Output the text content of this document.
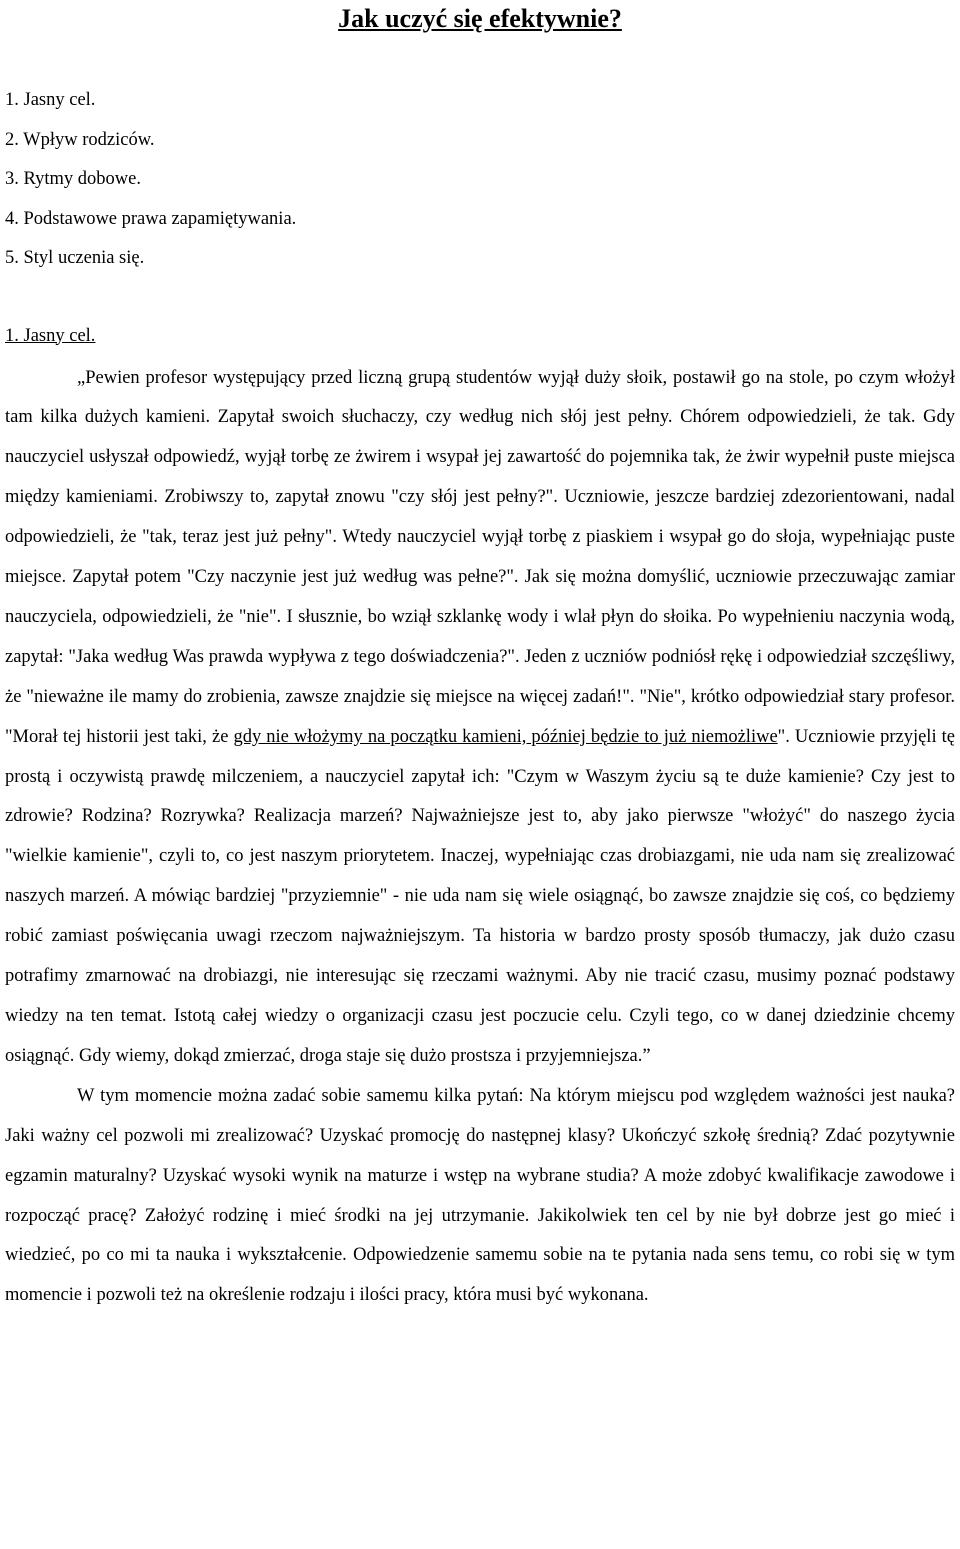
Jak uczyć się efektywnie?
1. Jasny cel.
2. Wpływ rodziców.
3. Rytmy dobowe.
4. Podstawowe prawa zapamiętywania.
5. Styl uczenia się.
1. Jasny cel.

„Pewien profesor występujący przed liczną grupą studentów wyjął duży słoik, postawił go na stole, po czym włożył tam kilka dużych kamieni. Zapytał swoich słuchaczy, czy według nich słój jest pełny. Chórem odpowiedzieli, że tak. Gdy nauczyciel usłyszał odpowiedź, wyjął torbę ze żwirem i wsypał jej zawartość do pojemnika tak, że żwir wypełnił puste miejsca między kamieniami. Zrobiwszy to, zapytał znowu "czy słój jest pełny?". Uczniowie, jeszcze bardziej zdezorientowani, nadal odpowiedzieli, że "tak, teraz jest już pełny". Wtedy nauczyciel wyjął torbę z piaskiem i wsypał go do słoja, wypełniając puste miejsce. Zapytał potem "Czy naczynie jest już według was pełne?". Jak się można domyślić, uczniowie przeczuwając zamiar nauczyciela, odpowiedzieli, że "nie". I słusznie, bo wziął szklankę wody i wlał płyn do słoika. Po wypełnieniu naczynia wodą, zapytał: "Jaka według Was prawda wypływa z tego doświadczenia?". Jeden z uczniów podniósł rękę i odpowiedział szczęśliwy, że "nieważne ile mamy do zrobienia, zawsze znajdzie się miejsce na więcej zadań!". "Nie", krótko odpowiedział stary profesor. "Morał tej historii jest taki, że gdy nie włożymy na początku kamieni, później będzie to już niemożliwe". Uczniowie przyjęli tę prostą i oczywistą prawdę milczeniem, a nauczyciel zapytał ich: "Czym w Waszym życiu są te duże kamienie? Czy jest to zdrowie? Rodzina? Rozrywka? Realizacja marzeń? Najważniejsze jest to, aby jako pierwsze "włożyć" do naszego życia "wielkie kamienie", czyli to, co jest naszym priorytetem. Inaczej, wypełniając czas drobiazgami, nie uda nam się zrealizować naszych marzeń. A mówiąc bardziej "przyziemnie" - nie uda nam się wiele osiągnąć, bo zawsze znajdzie się coś, co będziemy robić zamiast poświęcania uwagi rzeczom najważniejszym. Ta historia w bardzo prosty sposób tłumaczy, jak dużo czasu potrafimy zmarnować na drobiazgi, nie interesując się rzeczami ważnymi. Aby nie tracić czasu, musimy poznać podstawy wiedzy na ten temat. Istotą całej wiedzy o organizacji czasu jest poczucie celu. Czyli tego, co w danej dziedzinie chcemy osiągnąć. Gdy wiemy, dokąd zmierzać, droga staje się dużo prostsza i przyjemniejsza.”

W tym momencie można zadać sobie samemu kilka pytań: Na którym miejscu pod względem ważności jest nauka? Jaki ważny cel pozwoli mi zrealizować? Uzyskać promocję do następnej klasy? Ukończyć szkołę średnią? Zdać pozytywnie egzamin maturalny? Uzyskać wysoki wynik na maturze i wstęp na wybrane studia? A może zdobyć kwalifikacje zawodowe i rozpocząć pracę? Założyć rodzinę i mieć środki na jej utrzymanie. Jakikolwiek ten cel by nie był dobrze jest go mieć i wiedzieć, po co mi ta nauka i wykształcenie. Odpowiedzenie samemu sobie na te pytania nada sens temu, co robi się w tym momencie i pozwoli też na określenie rodzaju i ilości pracy, która musi być wykonana.
